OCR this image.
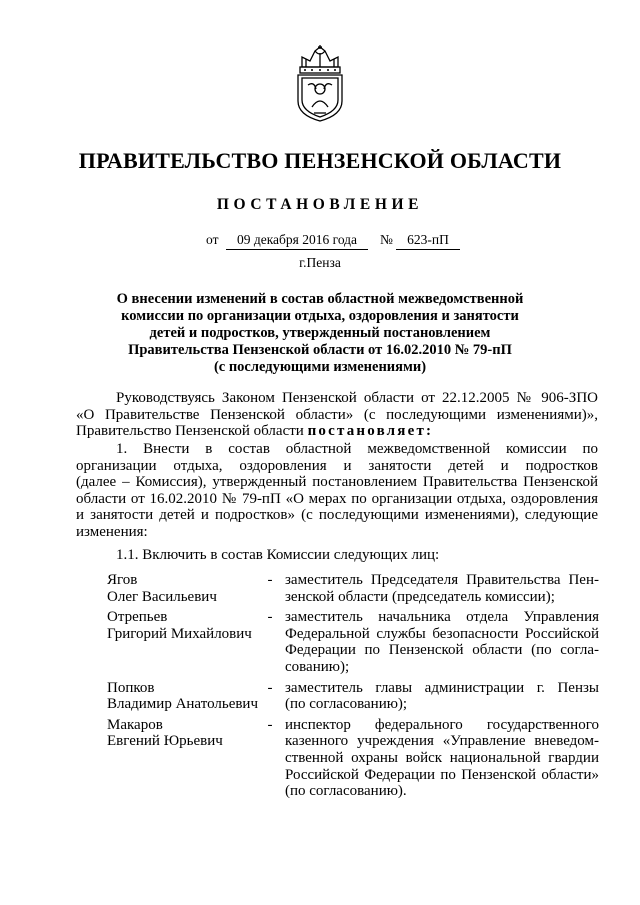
ПРАВИТЕЛЬСТВО ПЕНЗЕНСКОЙ ОБЛАСТИ
ПОСТАНОВЛЕНИЕ
от	09 декабря 2016 года	№	623-пП
г.Пенза
О внесении изменений в состав областной межведомственной
комиссии по организации отдыха, оздоровления и занятости
детей и подростков, утвержденный постановлением
Правительства Пензенской области от 16.02.2010 № 79-пП
(с последующими изменениями)
Руководствуясь Законом Пензенской области от 22.12.2005 № 906-ЗПО
«О Правительстве Пензенской области» (с последующими изменениями)»,
Правительство Пензенской области постановляет:
1. Внести в состав областной межведомственной комиссии по
организации отдыха, оздоровления и занятости детей и подростков
(далее – Комиссия), утвержденный постановлением Правительства Пензенской
области от 16.02.2010 № 79-пП «О мерах по организации отдыха, оздоровления
и занятости детей и подростков» (с последующими изменениями), следующие
изменения:
1.1. Включить в состав Комиссии следующих лиц:
Ягов
Олег Васильевич
- заместитель Председателя Правительства Пен-
зенской области (председатель комиссии);
Отрепьев
Григорий Михайлович
- заместитель начальника отдела Управления
Федеральной службы безопасности Российской
Федерации по Пензенской области (по согла-
сованию);
Попков
Владимир Анатольевич
- заместитель главы администрации г. Пензы
(по согласованию);
Макаров
Евгений Юрьевич
- инспектор федерального государственного
казенного учреждения «Управление вневедом-
ственной охраны войск национальной гвардии
Российской Федерации по Пензенской области»
(по согласованию).
